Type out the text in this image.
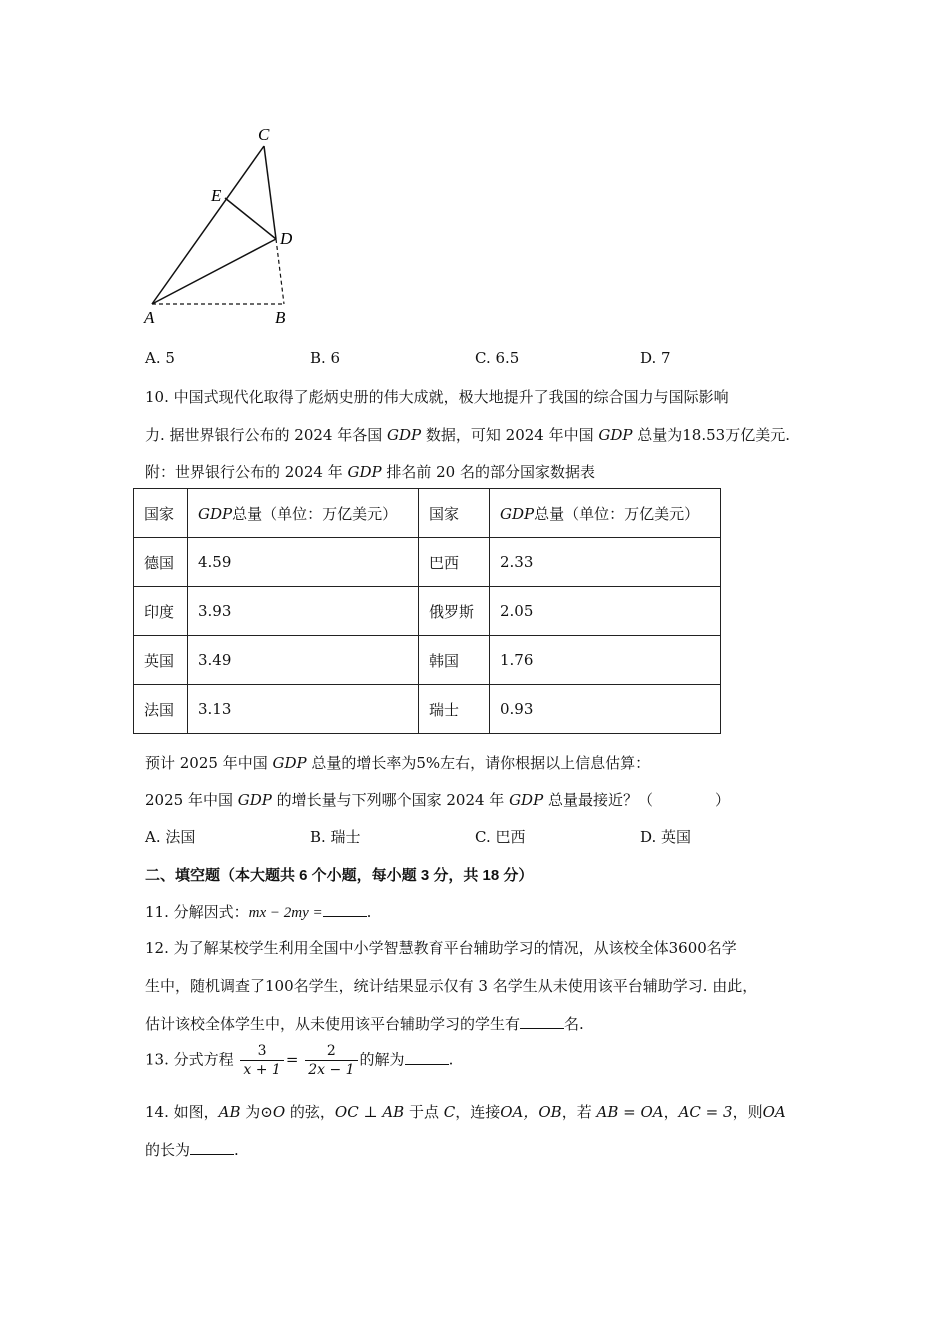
C
E
D
A	B
A. 5	B. 6	C. 6.5	D. 7
10. 中国式现代化取得了彪炳史册的伟大成就，极大地提升了我国的综合国力与国际影响
力. 据世界银行公布的 2024 年各国 GDP 数据，可知 2024 年中国 GDP 总量为18.53万亿美元.
附：世界银行公布的 2024 年 GDP 排名前 20 名的部分国家数据表
国家	GDP总量（单位：万亿美元）	国家	GDP总量（单位：万亿美元）
德国	4.59	巴西	2.33
印度	3.93	俄罗斯	2.05
英国	3.49	韩国	1.76
法国	3.13	瑞士	0.93
预计 2025 年中国 GDP 总量的增长率为5%左右，请你根据以上信息估算：
2025 年中国 GDP 的增长量与下列哪个国家 2024 年 GDP 总量最接近？（	）
A. 法国	B. 瑞士	C. 巴西	D. 英国
二、填空题（本大题共 6 个小题，每小题 3 分，共 18 分）
11. 分解因式：mx − 2my =	.
12. 为了解某校学生利用全国中小学智慧教育平台辅助学习的情况，从该校全体3600名学
生中，随机调查了100名学生，统计结果显示仅有 3 名学生从未使用该平台辅助学习. 由此，
估计该校全体学生中，从未使用该平台辅助学习的学生有	名.
13. 分式方程 $\frac{3}{x + 1} = \frac{2}{2x - 1}$ 的解为	.
14. 如图，AB 为⊙O 的弦，OC ⊥ AB 于点 C，连接OA，OB，若 AB = OA，AC = 3，则OA
的长为	.
